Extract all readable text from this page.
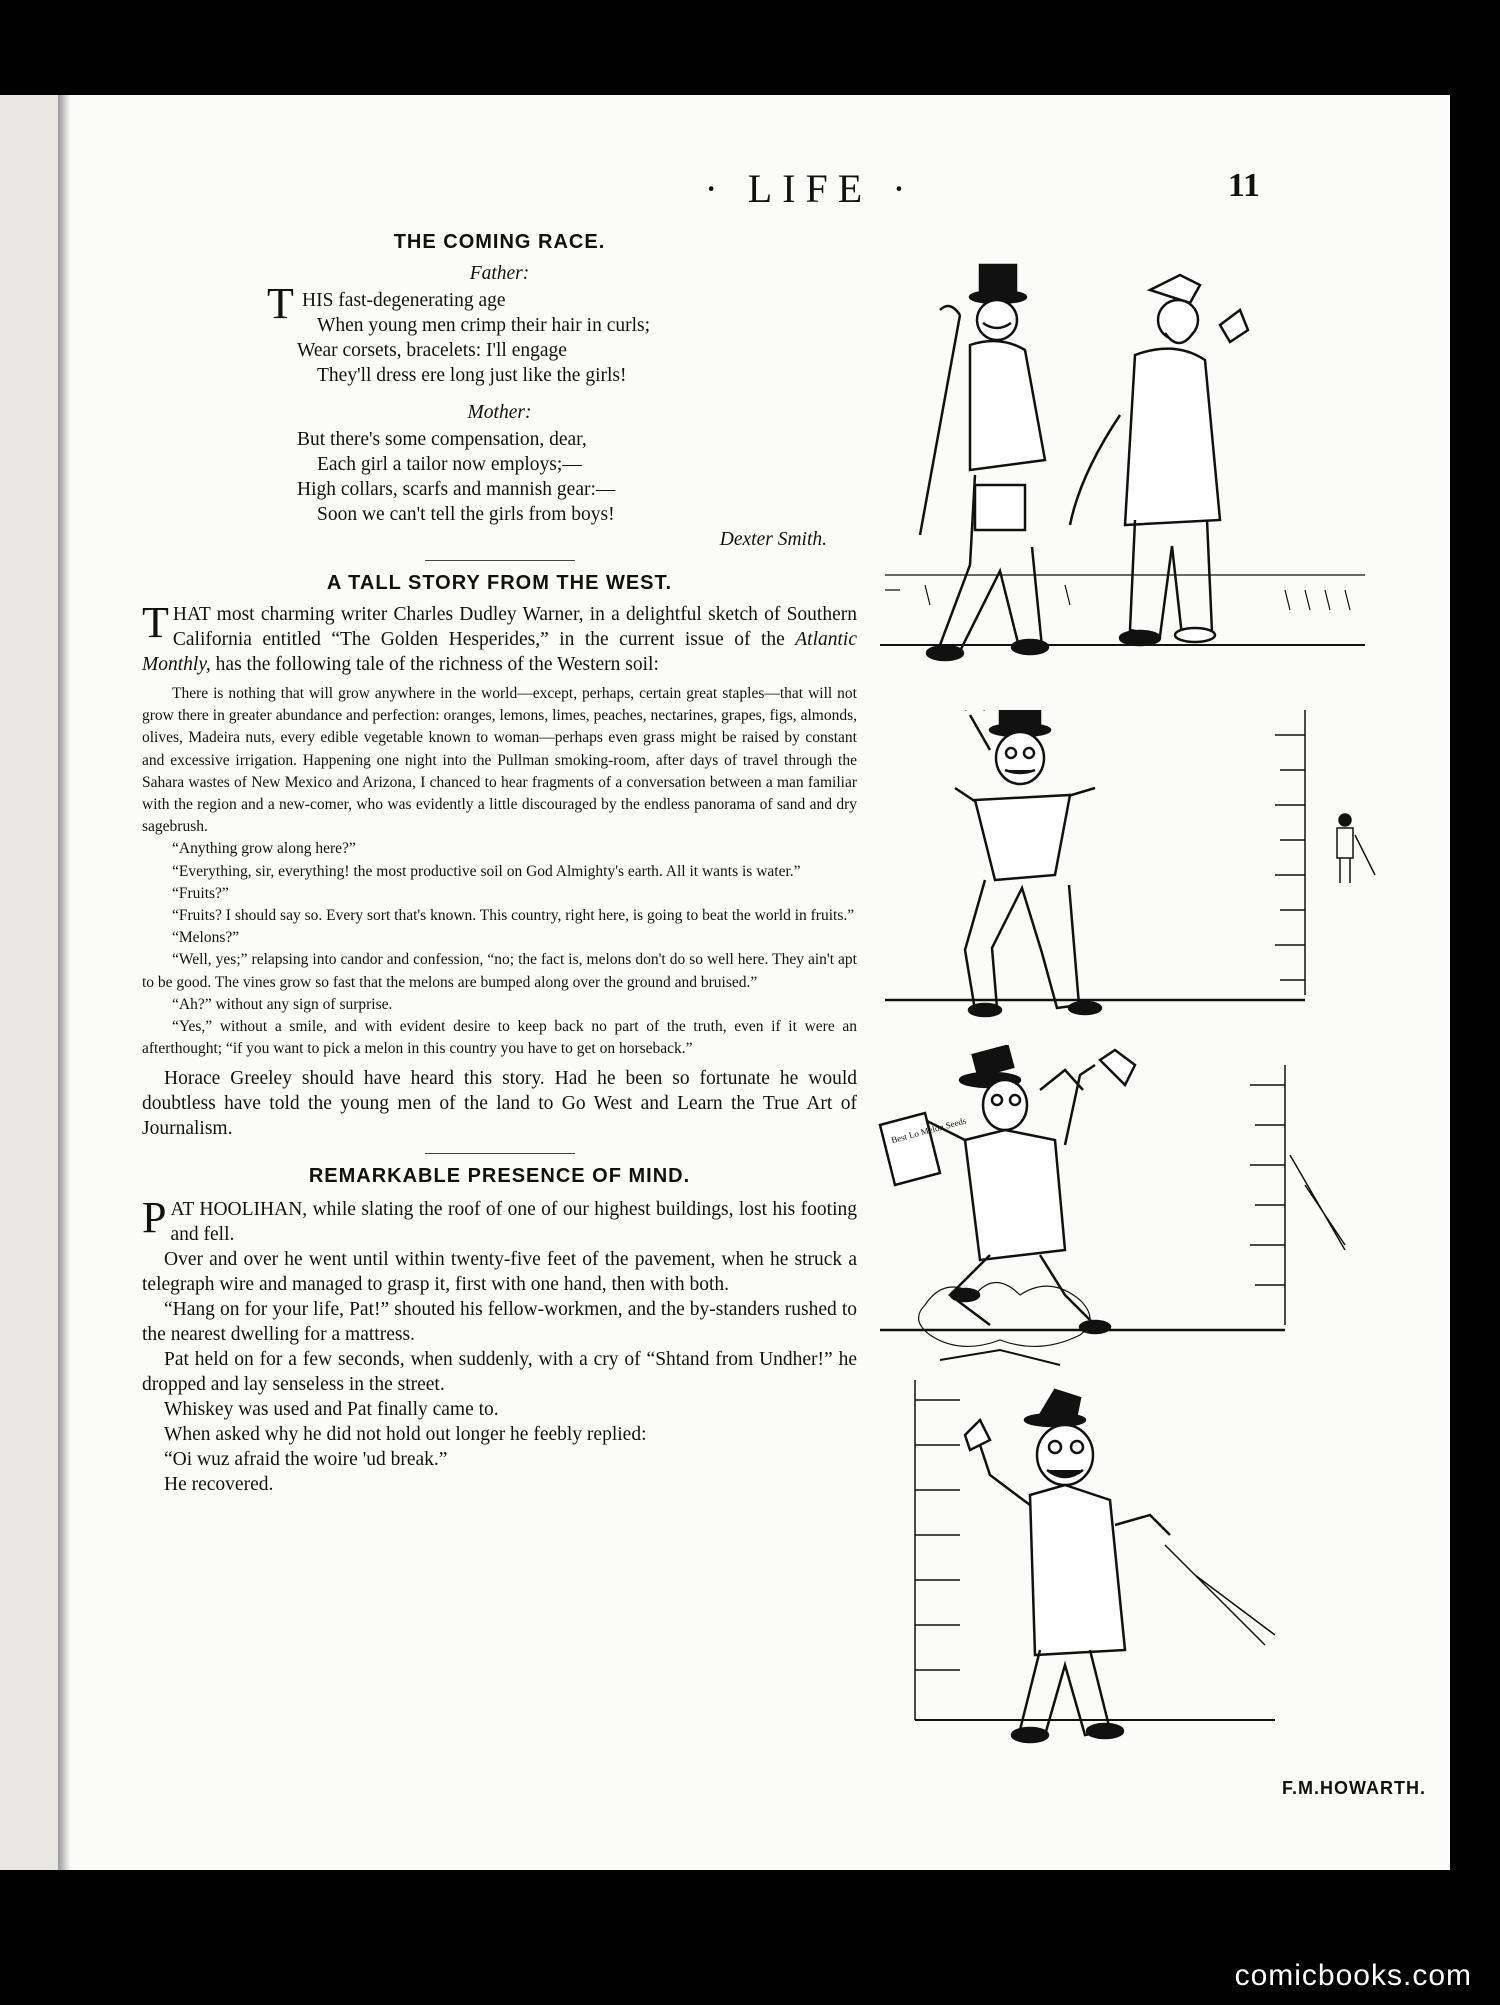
· LIFE ·	11
THE COMING RACE.
Father:
T HIS fast-degenerating age

When young men crimp their hair in curls;

Wear corsets, bracelets: I'll engage

They'll dress ere long just like the girls!

Mother:

But there's some compensation, dear,

Each girl a tailor now employs;—

High collars, scarfs and mannish gear:—

Soon we can't tell the girls from boys!

Dexter Smith.
A TALL STORY FROM THE WEST.

THAT most charming writer Charles Dudley Warner, in a delightful sketch of Southern California entitled “The Golden Hesperides,” in the current issue of the Atlantic Monthly, has the following tale of the richness of the Western soil:

There is nothing that will grow anywhere in the world—except, perhaps, certain great staples—that will not grow there in greater abundance and perfection: oranges, lemons, limes, peaches, nectarines, grapes, figs, almonds, olives, Madeira nuts, every edible vegetable known to woman—perhaps even grass might be raised by constant and excessive irrigation. Happening one night into the Pullman smoking-room, after days of travel through the Sahara wastes of New Mexico and Arizona, I chanced to hear fragments of a conversation between a man familiar with the region and a new-comer, who was evidently a little discouraged by the endless panorama of sand and dry sagebrush.

“Anything grow along here?”

“Everything, sir, everything! the most productive soil on God Almighty's earth. All it wants is water.”

“Fruits?”

“Fruits? I should say so. Every sort that's known. This country, right here, is going to beat the world in fruits.”

“Melons?”

“Well, yes;” relapsing into candor and confession, “no; the fact is, melons don't do so well here. They ain't apt to be good. The vines grow so fast that the melons are bumped along over the ground and bruised.”

“Ah?” without any sign of surprise.

“Yes,” without a smile, and with evident desire to keep back no part of the truth, even if it were an afterthought; “if you want to pick a melon in this country you have to get on horseback.”

Horace Greeley should have heard this story. Had he been so fortunate he would doubtless have told the young men of the land to Go West and Learn the True Art of Journalism.

REMARKABLE PRESENCE OF MIND.

PAT HOOLIHAN, while slating the roof of one of our highest buildings, lost his footing and fell.

Over and over he went until within twenty-five feet of the pavement, when he struck a telegraph wire and managed to grasp it, first with one hand, then with both.

“Hang on for your life, Pat!” shouted his fellow-workmen, and the by-standers rushed to the nearest dwelling for a mattress.

Pat held on for a few seconds, when suddenly, with a cry of “Shtand from Undher!” he dropped and lay senseless in the street.

Whiskey was used and Pat finally came to.

When asked why he did not hold out longer he feebly replied:

“Oi wuz afraid the woire 'ud break.”

He recovered.

Best Lo Melon Seeds
F.M.HOWARTH.
comicbooks.com
